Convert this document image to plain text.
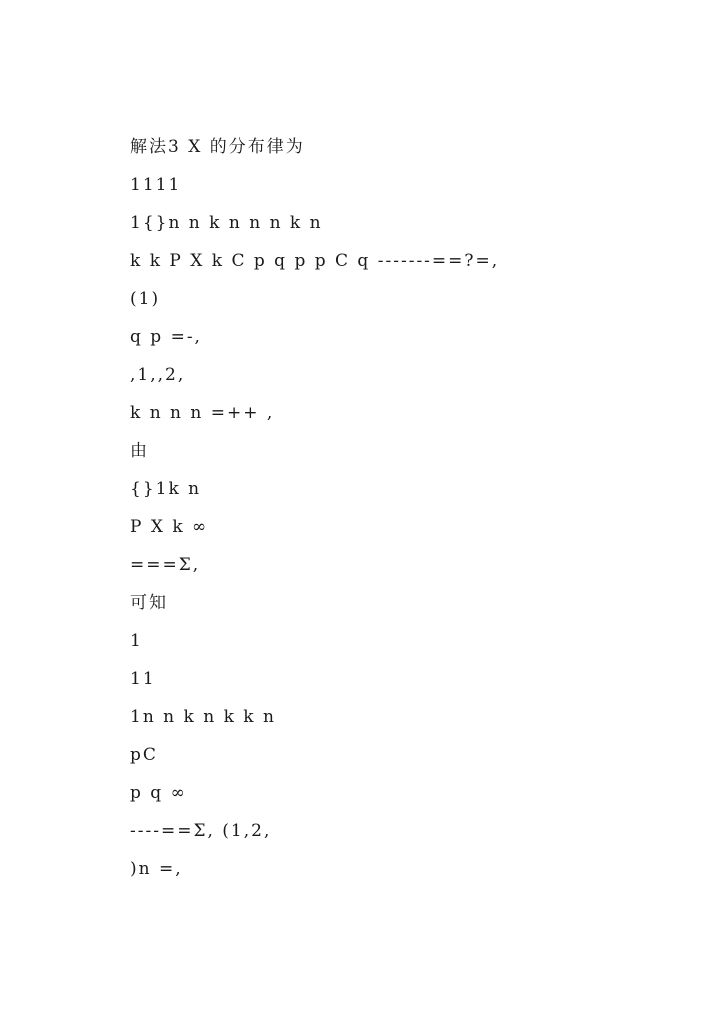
解法3 X 的分布律为
1111
1{}n n k n n n k n
k k P X k C p q p p C q -------==?=,
(1)
q p =-,
,1,,2,
k n n n =++ ,
由
{}1k n
P X k ∞
===Σ,
可知
1
11
1n n k n k k n
pC
p q ∞
----==Σ, (1,2,
)n =,
